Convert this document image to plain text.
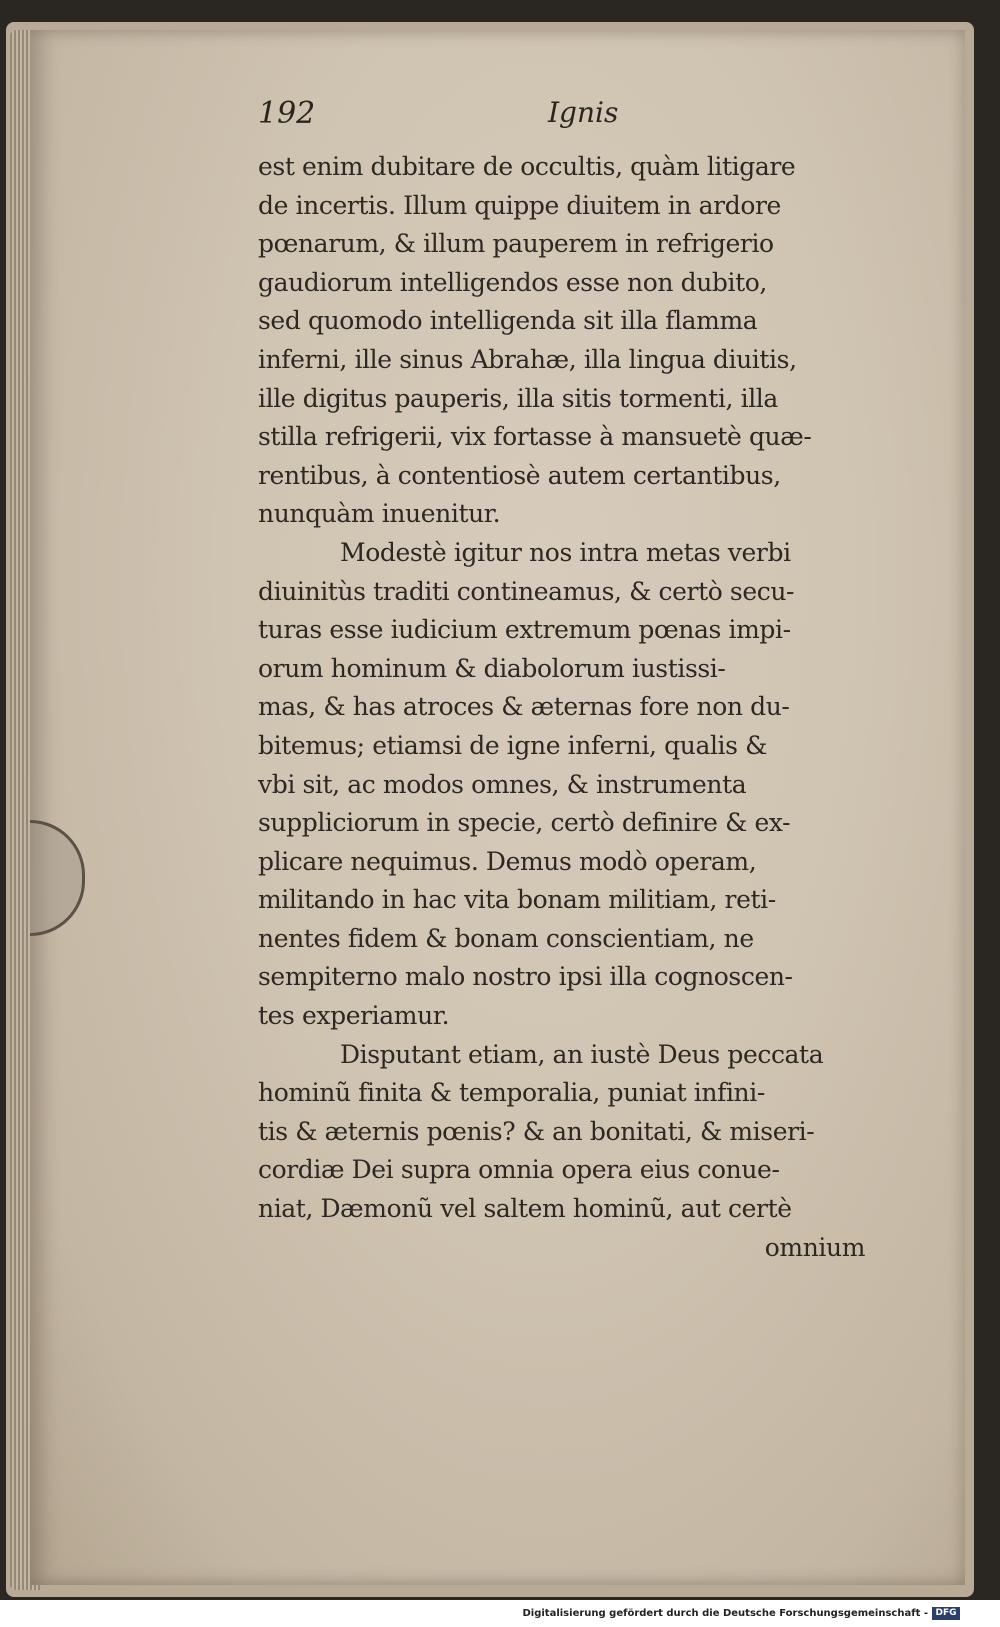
192	Ignis
est enim dubitare de occultis, quàm litigare
de incertis. Illum quippe diuitem in ardore
pœnarum, & illum pauperem in refrigerio
gaudiorum intelligendos esse non dubito,
sed quomodo intelligenda sit illa flamma
inferni, ille sinus Abrahæ, illa lingua diuitis,
ille digitus pauperis, illa sitis tormenti, illa
stilla refrigerii, vix fortasse à mansuetè quæ-
rentibus, à contentiosè autem certantibus,
nunquàm inuenitur.
Modestè igitur nos intra metas verbi
diuinitùs traditi contineamus, & certò secu-
turas esse iudicium extremum pœnas impi-
orum hominum & diabolorum iustissi-
mas, & has atroces & æternas fore non du-
bitemus; etiamsi de igne inferni, qualis &
vbi sit, ac modos omnes, & instrumenta
suppliciorum in specie, certò definire & ex-
plicare nequimus. Demus modò operam,
militando in hac vita bonam militiam, reti-
nentes fidem & bonam conscientiam, ne
sempiterno malo nostro ipsi illa cognoscen-
tes experiamur.
Disputant etiam, an iustè Deus peccata
hominũ finita & temporalia, puniat infini-
tis & æternis pœnis? & an bonitati, & miseri-
cordiæ Dei supra omnia opera eius conue-
niat, Dæmonũ vel saltem hominũ, aut certè
omnium
Digitalisierung gefördert durch die Deutsche Forschungsgemeinschaft - DFG
